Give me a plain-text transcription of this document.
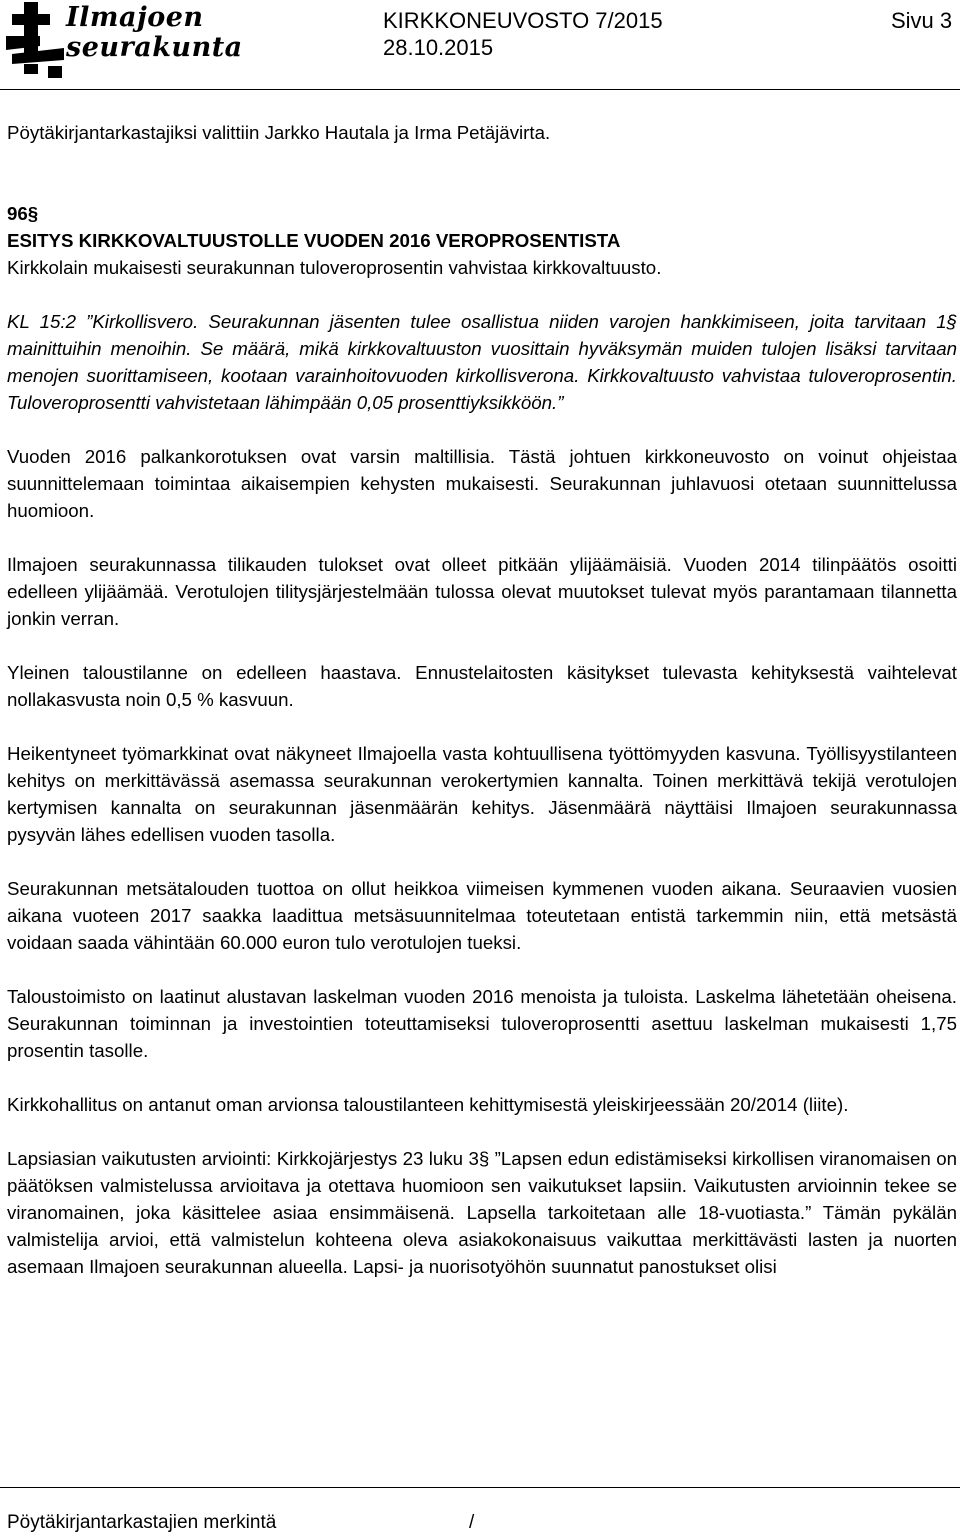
Ilmajoen
seurakunta
KIRKKONEUVOSTO 7/2015	Sivu 3
28.10.2015

Pöytäkirjantarkastajiksi valittiin Jarkko Hautala ja Irma Petäjävirta.

96§

ESITYS KIRKKOVALTUUSTOLLE VUODEN 2016 VEROPROSENTISTA

Kirkkolain mukaisesti seurakunnan tuloveroprosentin vahvistaa kirkkovaltuusto.

KL 15:2 ”Kirkollisvero. Seurakunnan jäsenten tulee osallistua niiden varojen hankkimiseen, joita tarvitaan 1§ mainittuihin menoihin. Se määrä, mikä kirkkovaltuuston vuosittain hyväksymän muiden tulojen lisäksi tarvitaan menojen suorittamiseen, kootaan varainhoitovuoden kirkollisverona. Kirkkovaltuusto vahvistaa tuloveroprosentin. Tuloveroprosentti vahvistetaan lähimpään 0,05 prosenttiyksikköön.”

Vuoden 2016 palkankorotuksen ovat varsin maltillisia. Tästä johtuen kirkkoneuvosto on voinut ohjeistaa suunnittelemaan toimintaa aikaisempien kehysten mukaisesti. Seurakunnan juhlavuosi otetaan suunnittelussa huomioon.

Ilmajoen seurakunnassa tilikauden tulokset ovat olleet pitkään ylijäämäisiä. Vuoden 2014 tilinpäätös osoitti edelleen ylijäämää. Verotulojen tilitysjärjestelmään tulossa olevat muutokset tulevat myös parantamaan tilannetta jonkin verran.

Yleinen taloustilanne on edelleen haastava. Ennustelaitosten käsitykset tulevasta kehityksestä vaihtelevat nollakasvusta noin 0,5 % kasvuun.

Heikentyneet työmarkkinat ovat näkyneet Ilmajoella vasta kohtuullisena työttömyyden kasvuna. Työllisyystilanteen kehitys on merkittävässä asemassa seurakunnan verokertymien kannalta. Toinen merkittävä tekijä verotulojen kertymisen kannalta on seurakunnan jäsenmäärän kehitys. Jäsenmäärä näyttäisi Ilmajoen seurakunnassa pysyvän lähes edellisen vuoden tasolla.

Seurakunnan metsätalouden tuottoa on ollut heikkoa viimeisen kymmenen vuoden aikana. Seuraavien vuosien aikana vuoteen 2017 saakka laadittua metsäsuunnitelmaa toteutetaan entistä tarkemmin niin, että metsästä voidaan saada vähintään 60.000 euron tulo verotulojen tueksi.

Taloustoimisto on laatinut alustavan laskelman vuoden 2016 menoista ja tuloista. Laskelma lähetetään oheisena. Seurakunnan toiminnan ja investointien toteuttamiseksi tuloveroprosentti asettuu laskelman mukaisesti 1,75 prosentin tasolle.

Kirkkohallitus on antanut oman arvionsa taloustilanteen kehittymisestä yleiskirjeessään 20/2014 (liite).

Lapsiasian vaikutusten arviointi: Kirkkojärjestys 23 luku 3§ ”Lapsen edun edistämiseksi kirkollisen viranomaisen on päätöksen valmistelussa arvioitava ja otettava huomioon sen vaikutukset lapsiin. Vaikutusten arvioinnin tekee se viranomainen, joka käsittelee asiaa ensimmäisenä. Lapsella tarkoitetaan alle 18-vuotiasta.” Tämän pykälän valmistelija arvioi, että valmistelun kohteena oleva asiakokonaisuus vaikuttaa merkittävästi lasten ja nuorten asemaan Ilmajoen seurakunnan alueella. Lapsi- ja nuorisotyöhön suunnatut panostukset olisi

Pöytäkirjantarkastajien merkintä	/
